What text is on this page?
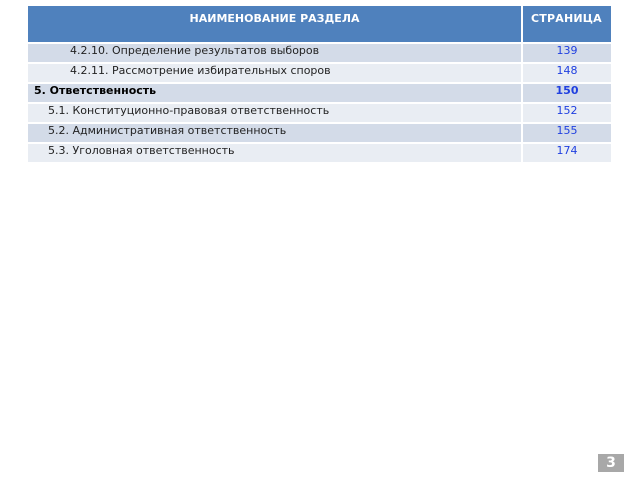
НАИМЕНОВАНИЕ РАЗДЕЛА	СТРАНИЦА
4.2.10. Определение результатов выборов	139
4.2.11. Рассмотрение избирательных споров	148
5. Ответственность	150
5.1. Конституционно-правовая ответственность	152
5.2. Административная ответственность	155
5.3. Уголовная ответственность	174
3
